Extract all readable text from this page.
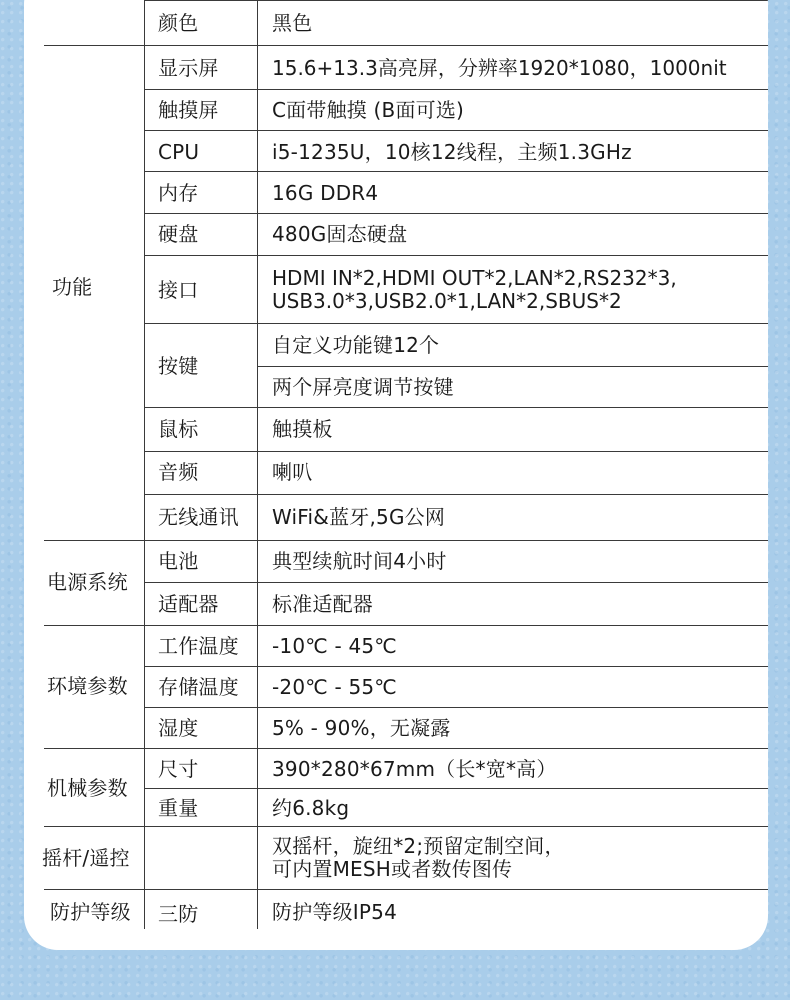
功能
电源系统
环境参数
机械参数
摇杆/遥控
防护等级
颜色
显示屏
触摸屏
CPU
内存
硬盘
接口
按键
鼠标
音频
无线通讯
电池
适配器
工作温度
存储温度
湿度
尺寸
重量
三防
黑色
15.6+13.3高亮屏，分辨率1920*1080，1000nit
C面带触摸 (B面可选)
i5-1235U，10核12线程，主频1.3GHz
16G DDR4
480G固态硬盘
HDMI IN*2,HDMI OUT*2,LAN*2,RS232*3,
USB3.0*3,USB2.0*1,LAN*2,SBUS*2
自定义功能键12个
两个屏亮度调节按键
触摸板
喇叭
WiFi&蓝牙,5G公网
典型续航时间4小时
标准适配器
-10℃ - 45℃
-20℃ - 55℃
5% - 90%，无凝露
390*280*67mm（长*宽*高）
约6.8kg
双摇杆，旋纽*2;预留定制空间，
可内置MESH或者数传图传
防护等级IP54
